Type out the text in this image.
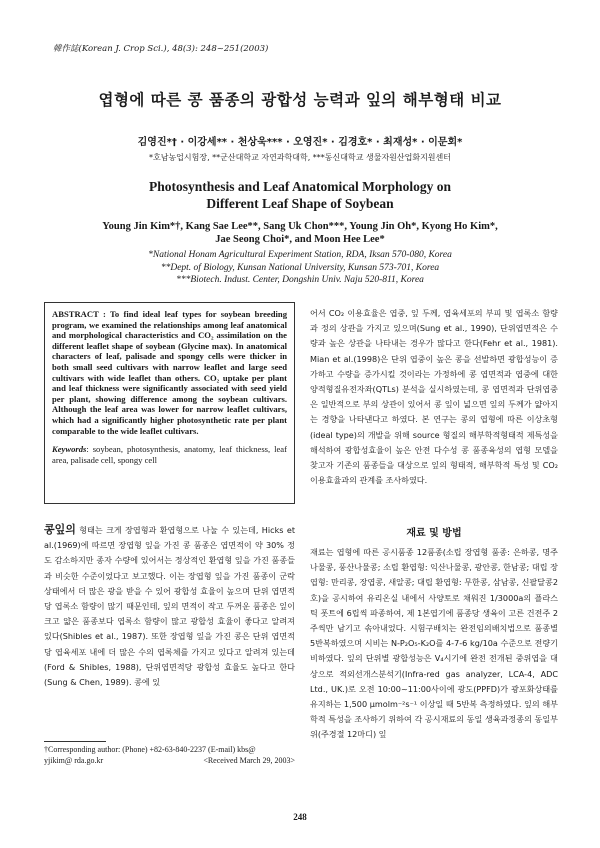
韓作誌(Korean J. Crop Sci.), 48(3): 248~251(2003)
엽형에 따른 콩 품종의 광합성 능력과 잎의 해부형태 비교
김영진*† · 이강세** · 천상욱*** · 오영진* · 김경호* · 최재성* · 이문회*
*호남농업시험장, **군산대학교 자연과학대학, ***동신대학교 생물자원산업화지원센터
Photosynthesis and Leaf Anatomical Morphology on
Different Leaf Shape of Soybean
Young Jin Kim*†, Kang Sae Lee**, Sang Uk Chon***, Young Jin Oh*, Kyong Ho Kim*,
Jae Seong Choi*, and Moon Hee Lee*
*National Honam Agricultural Experiment Station, RDA, Iksan 570-080, Korea
**Dept. of Biology, Kunsan National University, Kunsan 573-701, Korea
***Biotech. Indust. Center, Dongshin Univ. Naju 520-811, Korea
ABSTRACT : To find ideal leaf types for soybean breeding program, we examined the relationships among leaf anatomical and morphological characteristics and CO₂ assimilation on the different leaflet shape of soybean (Glycine max). In anatomical characters of leaf, palisade and spongy cells were thicker in both small seed cultivars with narrow leaflet and large seed cultivars with wide leaflet than others. CO₂ uptake per plant and leaf thickness were significantly associated with seed yield per plant, showing difference among the soybean cultivars. Although the leaf area was lower for narrow leaflet cultivars, which had a significantly higher photosynthetic rate per plant comparable to the wide leaflet cultivars.
Keywords: soybean, photosynthesis, anatomy, leaf thickness, leaf area, palisade cell, spongy cell
콩잎의 형태는 크게 장엽형과 환엽형으로 나눌 수 있는데, Hicks et al.(1969)에 따르면 장엽형 잎을 가진 콩 품종은 엽면적이 약 30% 정도 감소하지만 종자 수량에 있어서는 정상적인 환엽형 잎을 가진 품종들과 비슷한 수준이었다고 보고했다. 이는 장엽형 잎을 가진 품종이 군락상태에서 더 많은 광을 받을 수 있어 광합성 효율이 높으며 단위 엽면적당 엽록소 함량이 많기 때문인데, 잎의 면적이 작고 두꺼운 품종은 잎이 크고 얇은 품종보다 엽록소 함량이 많고 광합성 효율이 좋다고 알려져 있다(Shibles et al., 1987). 또한 장엽형 잎을 가진 콩은 단위 엽면적당 엽육세포 내에 더 많은 수의 엽록체를 가지고 있다고 알려져 있는데(Ford & Shibles, 1988), 단위엽면적당 광합성 효율도 높다고 한다(Sung & Chen, 1989). 콩에 있
어서 CO₂ 이용효율은 엽중, 잎 두께, 엽육세포의 부피 및 엽록소 함량과 정의 상관을 가지고 있으며(Sung et al., 1990), 단위엽면적은 수량과 높은 상관을 나타내는 경우가 많다고 한다(Fehr et al., 1981). Mian et al.(1998)은 단위 엽중이 높은 콩을 선발하면 광합성능이 증가하고 수량을 증가시킬 것이라는 가정하에 콩 엽면적과 엽중에 대한 양적형질유전자좌(QTLs) 분석을 실시하였는데, 콩 엽면적과 단위엽중은 일반적으로 부의 상관이 있어서 콩 잎이 넓으면 잎의 두께가 얇아지는 경향을 나타낸다고 하였다. 본 연구는 콩의 엽형에 따른 이상초형(ideal type)의 개발을 위해 source 형질의 해부학적형태적 제특성을 해석하여 광합성효율이 높은 안전 다수성 콩 품종육성의 엽형 모델을 찾고자 기존의 품종들을 대상으로 잎의 형태적, 해부학적 특성 및 CO₂ 이용효율과의 관계를 조사하였다.
재료 및 방법
재료는 엽형에 따른 공시품종 12품종(소립 장엽형 품종: 은하콩, 명주나물콩, 풍산나물콩; 소립 환엽형: 익산나물콩, 광안콩, 한남콩; 대립 장엽형: 만리콩, 장엽콩, 새알콩; 대립 환엽형: 무한콩, 삼남콩, 신팔달콩2호)을 공시하여 유리온실 내에서 사양토로 채워진 1/3000a의 플라스틱 폿트에 6립씩 파종하여, 제 1본엽기에 품종당 생육이 고른 건전주 2주씩만 남기고 솎아내었다. 시험구배치는 완전임의배치법으로 품종별 5반복하였으며 시비는 N-P₂O₅-K₂O를 4-7-6 kg/10a 수준으로 전량기비하였다. 잎의 단위별 광합성능은 V₄시기에 완전 전개된 중위엽을 대상으로 적외선개스분석기(Infra-red gas analyzer, LCA-4, ADC Ltd., UK.)로 오전 10:00~11:00사이에 광도(PPFD)가 광포화상태를 유지하는 1,500 μmolm⁻²s⁻¹ 이상일 때 5반복 측정하였다. 잎의 해부학적 특성을 조사하기 위하여 각 공시재료의 동일 생육과정종의 동일부위(주경절 12마디) 잎
†Corresponding author: (Phone) +82-63-840-2237 (E-mail) kbs@
yjikim@ rda.go.kr	<Received March 29, 2003>
248
